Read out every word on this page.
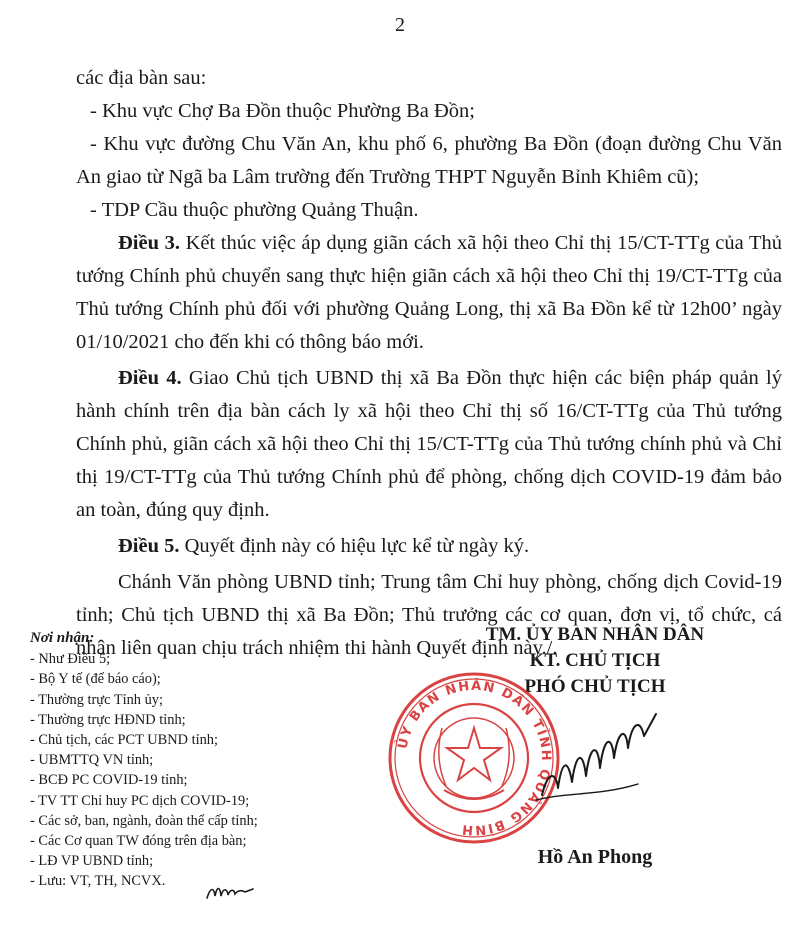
2

các địa bàn sau:

- Khu vực Chợ Ba Đồn thuộc Phường Ba Đồn;

- Khu vực đường Chu Văn An, khu phố 6, phường Ba Đồn (đoạn đường Chu Văn An giao từ Ngã ba Lâm trường đến Trường THPT Nguyễn Bỉnh Khiêm cũ);

- TDP Cầu thuộc phường Quảng Thuận.

Điều 3. Kết thúc việc áp dụng giãn cách xã hội theo Chỉ thị 15/CT-TTg của Thủ tướng Chính phủ chuyển sang thực hiện giãn cách xã hội theo Chỉ thị 19/CT-TTg của Thủ tướng Chính phủ đối với phường Quảng Long, thị xã Ba Đồn kể từ 12h00’ ngày 01/10/2021 cho đến khi có thông báo mới.

Điều 4. Giao Chủ tịch UBND thị xã Ba Đồn thực hiện các biện pháp quản lý hành chính trên địa bàn cách ly xã hội theo Chỉ thị số 16/CT-TTg của Thủ tướng Chính phủ, giãn cách xã hội theo Chỉ thị 15/CT-TTg của Thủ tướng chính phủ và Chỉ thị 19/CT-TTg của Thủ tướng Chính phủ để phòng, chống dịch COVID-19 đảm bảo an toàn, đúng quy định.

Điều 5. Quyết định này có hiệu lực kể từ ngày ký.

Chánh Văn phòng UBND tỉnh; Trung tâm Chỉ huy phòng, chống dịch Covid-19 tỉnh; Chủ tịch UBND thị xã Ba Đồn; Thủ trưởng các cơ quan, đơn vị, tổ chức, cá nhân liên quan chịu trách nhiệm thi hành Quyết định này./.

Nơi nhận:
- Như Điều 5;
- Bộ Y tế (để báo cáo);
- Thường trực Tỉnh ủy;
- Thường trực HĐND tỉnh;
- Chủ tịch, các PCT UBND tỉnh;
- UBMTTQ VN tỉnh;
- BCĐ PC COVID-19 tỉnh;
- TV TT Chỉ huy PC dịch COVID-19;
- Các sở, ban, ngành, đoàn thể cấp tỉnh;
- Các Cơ quan TW đóng trên địa bàn;
- LĐ VP UBND tỉnh;
- Lưu: VT, TH, NCVX.
TM. ỦY BAN NHÂN DÂN
KT. CHỦ TỊCH
PHÓ CHỦ TỊCH
ỦY BAN NHÂN DÂN TỈNH QUẢNG BÌNH
Hồ An Phong
